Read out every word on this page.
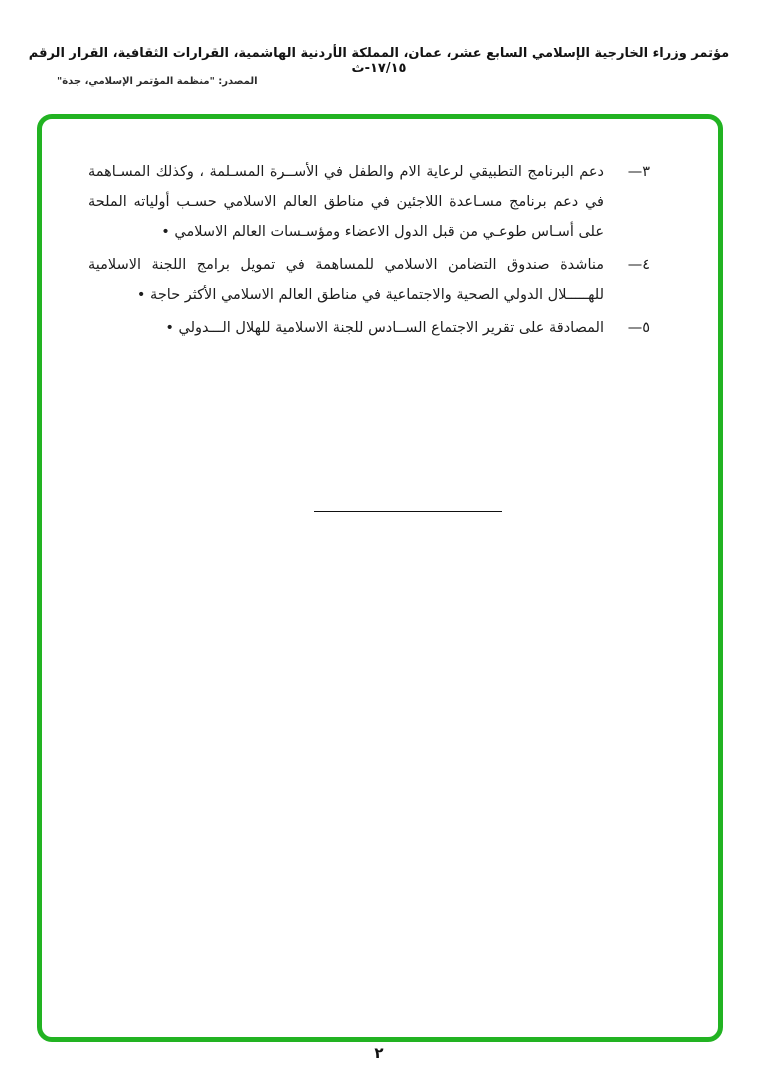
مؤتمر وزراء الخارجية الإسلامي السابع عشر، عمان، المملكة الأردنية الهاشمية، القرارات الثقافية، القرار الرقم ١٧/١٥-ث
المصدر: "منظمة المؤتمر الإسلامي، جدة"
٣—
دعم البرنامج التطبيقي لرعاية الام والطفل في الأســرة المسـلمة ، وكذلك المسـاهمة في دعم برنامج مسـاعدة اللاجئين في مناطق العالم الاسلامي حسـب أولياته الملحة على أسـاس طوعـي من قبل الدول الاعضاء ومؤسـسات العالم الاسلامي •
٤—
مناشدة صندوق التضامن الاسلامي للمساهمة في تمويل برامج اللجنة الاسلامية للهـــــلال الدولي الصحية والاجتماعية في مناطق العالم الاسلامي الأكثر حاجة •
٥—
المصادقة على تقرير الاجتماع الســادس للجنة الاسلامية للهلال الـــدولي •
٢
